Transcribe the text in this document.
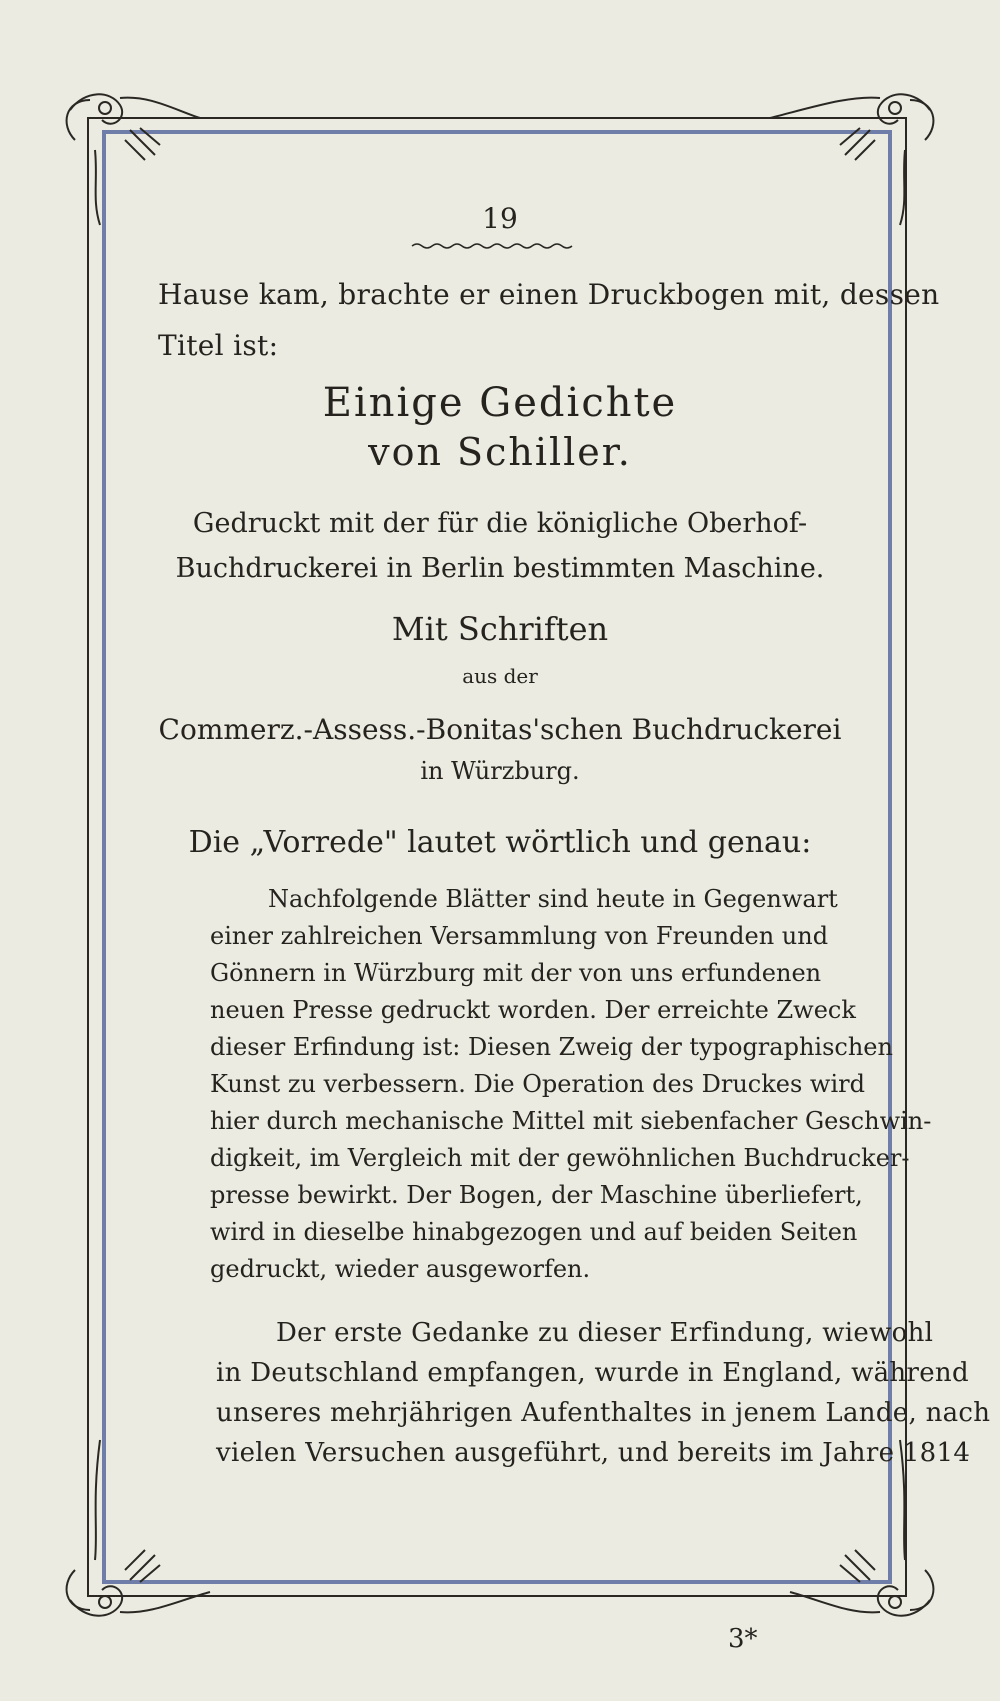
19
Hause kam, brachte er einen Druckbogen mit, dessen
Titel ist:
Einige Gedichte
von Schiller.
Gedruckt mit der für die königliche Oberhof-
Buchdruckerei in Berlin bestimmten Maschine.
Mit Schriften
aus der
Commerz.-Assess.-Bonitas'schen Buchdruckerei
in Würzburg.
Die „Vorrede" lautet wörtlich und genau:
Nachfolgende Blätter sind heute in Gegenwart
einer zahlreichen Versammlung von Freunden und
Gönnern in Würzburg mit der von uns erfundenen
neuen Presse gedruckt worden. Der erreichte Zweck
dieser Erfindung ist: Diesen Zweig der typographischen
Kunst zu verbessern. Die Operation des Druckes wird
hier durch mechanische Mittel mit siebenfacher Geschwin-
digkeit, im Vergleich mit der gewöhnlichen Buchdrucker-
presse bewirkt. Der Bogen, der Maschine überliefert,
wird in dieselbe hinabgezogen und auf beiden Seiten
gedruckt, wieder ausgeworfen.
Der erste Gedanke zu dieser Erfindung, wiewohl
in Deutschland empfangen, wurde in England, während
unseres mehrjährigen Aufenthaltes in jenem Lande, nach
vielen Versuchen ausgeführt, und bereits im Jahre 1814
3*
